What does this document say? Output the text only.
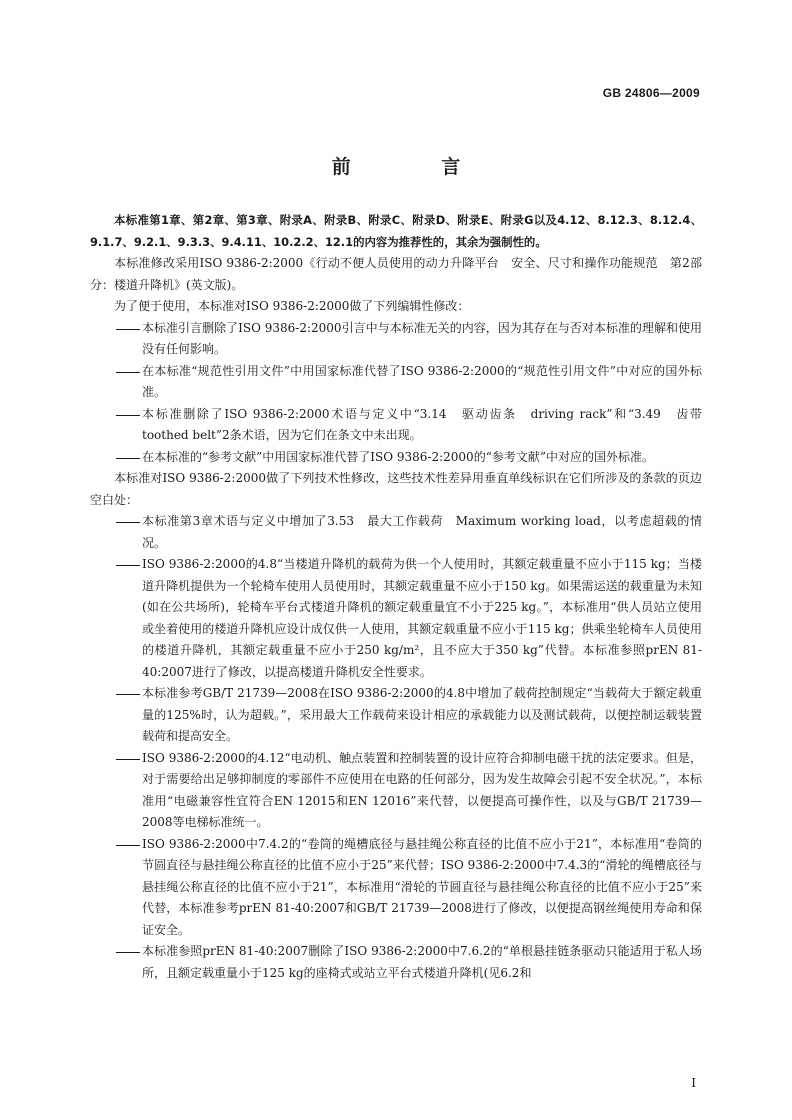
GB 24806—2009
前 言

本标准第1章、第2章、第3章、附录A、附录B、附录C、附录D、附录E、附录G以及4.12、8.12.3、8.12.4、9.1.7、9.2.1、9.3.3、9.4.11、10.2.2、12.1的内容为推荐性的，其余为强制性的。

本标准修改采用ISO 9386-2:2000《行动不便人员使用的动力升降平台　安全、尺寸和操作功能规范　第2部分：楼道升降机》(英文版)。

为了便于使用，本标准对ISO 9386-2:2000做了下列编辑性修改：

本标准引言删除了ISO 9386-2:2000引言中与本标准无关的内容，因为其存在与否对本标准的理解和使用没有任何影响。

在本标准“规范性引用文件”中用国家标准代替了ISO 9386-2:2000的“规范性引用文件”中对应的国外标准。

本标准删除了ISO 9386-2:2000术语与定义中“3.14　驱动齿条　driving rack”和“3.49　齿带　toothed belt”2条术语，因为它们在条文中未出现。

在本标准的“参考文献”中用国家标准代替了ISO 9386-2:2000的“参考文献”中对应的国外标准。

本标准对ISO 9386-2:2000做了下列技术性修改，这些技术性差异用垂直单线标识在它们所涉及的条款的页边空白处：

本标准第3章术语与定义中增加了3.53　最大工作载荷　Maximum working load，以考虑超载的情况。

ISO 9386-2:2000的4.8“当楼道升降机的载荷为供一个人使用时，其额定载重量不应小于115 kg；当楼道升降机提供为一个轮椅车使用人员使用时，其额定载重量不应小于150 kg。如果需运送的载重量为未知(如在公共场所)，轮椅车平台式楼道升降机的额定载重量宜不小于225 kg。”，本标准用“供人员站立使用或坐着使用的楼道升降机应设计成仅供一人使用，其额定载重量不应小于115 kg；供乘坐轮椅车人员使用的楼道升降机，其额定载重量不应小于250 kg/m²，且不应大于350 kg”代替。本标准参照prEN 81-40:2007进行了修改，以提高楼道升降机安全性要求。

本标准参考GB/T 21739—2008在ISO 9386-2:2000的4.8中增加了载荷控制规定“当载荷大于额定载重量的125%时，认为超载。”，采用最大工作载荷来设计相应的承载能力以及测试载荷，以便控制运载装置载荷和提高安全。

ISO 9386-2:2000的4.12“电动机、触点装置和控制装置的设计应符合抑制电磁干扰的法定要求。但是，对于需要给出足够抑制度的零部件不应使用在电路的任何部分，因为发生故障会引起不安全状况。”，本标准用“电磁兼容性宜符合EN 12015和EN 12016”来代替，以便提高可操作性，以及与GB/T 21739—2008等电梯标准统一。

ISO 9386-2:2000中7.4.2的“卷筒的绳槽底径与悬挂绳公称直径的比值不应小于21”，本标准用“卷筒的节圆直径与悬挂绳公称直径的比值不应小于25”来代替；ISO 9386-2:2000中7.4.3的“滑轮的绳槽底径与悬挂绳公称直径的比值不应小于21”，本标准用“滑轮的节圆直径与悬挂绳公称直径的比值不应小于25”来代替，本标准参考prEN 81-40:2007和GB/T 21739—2008进行了修改，以便提高钢丝绳使用寿命和保证安全。

本标准参照prEN 81-40:2007删除了ISO 9386-2:2000中7.6.2的“单根悬挂链条驱动只能适用于私人场所，且额定载重量小于125 kg的座椅式或站立平台式楼道升降机(见6.2和

I
